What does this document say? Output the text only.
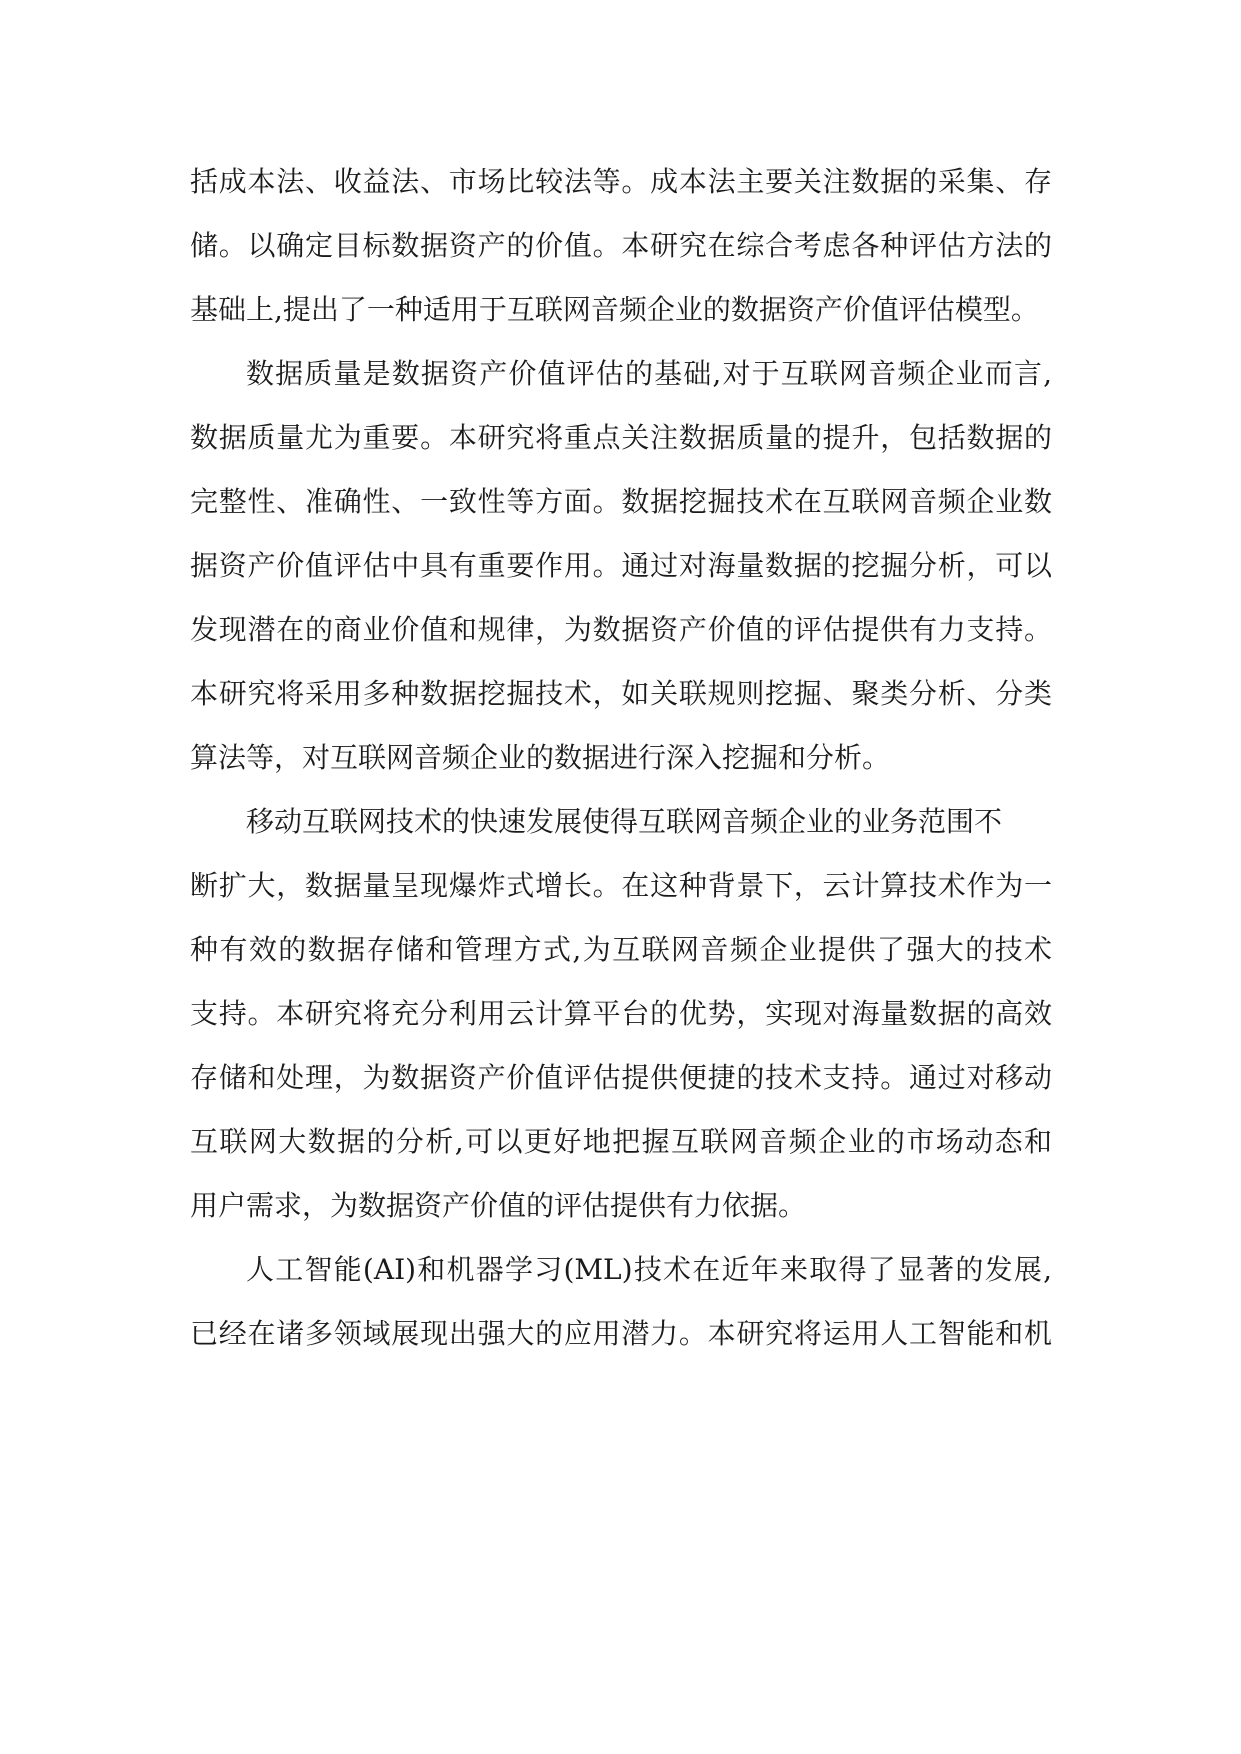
括成本法、收益法、市场比较法等。成本法主要关注数据的采集、存
储。以确定目标数据资产的价值。本研究在综合考虑各种评估方法的
基础上,提出了一种适用于互联网音频企业的数据资产价值评估模型。
数据质量是数据资产价值评估的基础,对于互联网音频企业而言,
数据质量尤为重要。本研究将重点关注数据质量的提升，包括数据的
完整性、准确性、一致性等方面。数据挖掘技术在互联网音频企业数
据资产价值评估中具有重要作用。通过对海量数据的挖掘分析，可以
发现潜在的商业价值和规律，为数据资产价值的评估提供有力支持。
本研究将采用多种数据挖掘技术，如关联规则挖掘、聚类分析、分类
算法等，对互联网音频企业的数据进行深入挖掘和分析。
移动互联网技术的快速发展使得互联网音频企业的业务范围不
断扩大，数据量呈现爆炸式增长。在这种背景下，云计算技术作为一
种有效的数据存储和管理方式,为互联网音频企业提供了强大的技术
支持。本研究将充分利用云计算平台的优势，实现对海量数据的高效
存储和处理，为数据资产价值评估提供便捷的技术支持。通过对移动
互联网大数据的分析,可以更好地把握互联网音频企业的市场动态和
用户需求，为数据资产价值的评估提供有力依据。
人工智能(AI)和机器学习(ML)技术在近年来取得了显著的发展,
已经在诸多领域展现出强大的应用潜力。本研究将运用人工智能和机
